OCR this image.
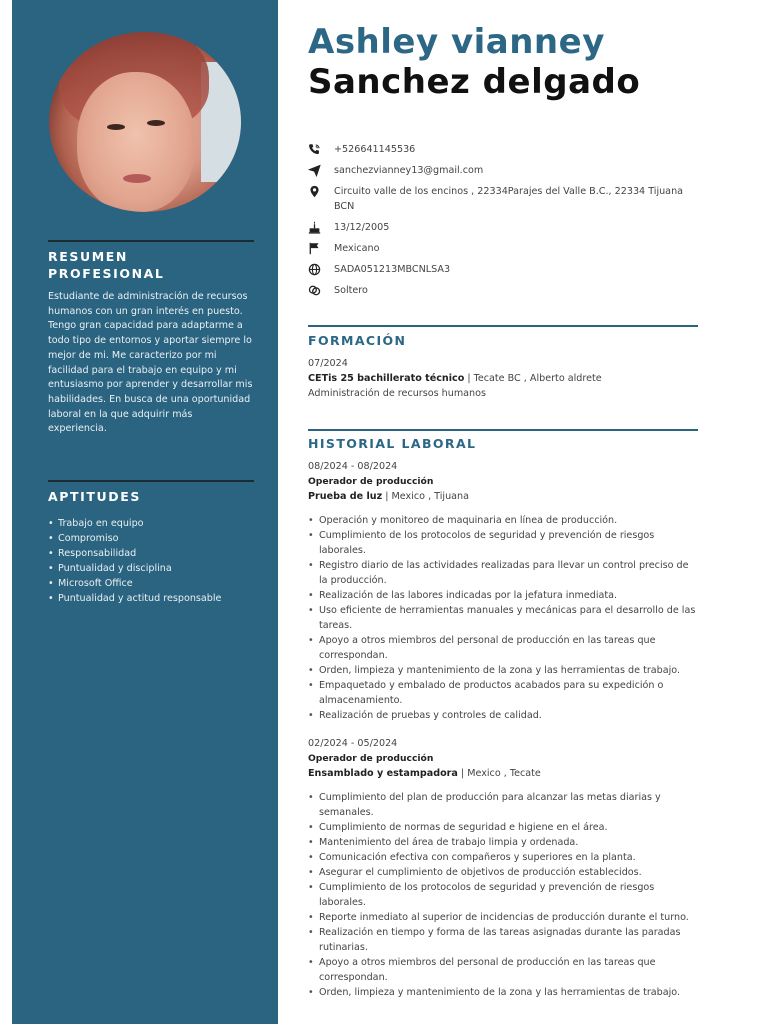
RESUMEN
PROFESIONAL

Estudiante de administración de recursos humanos con un gran interés en puesto. Tengo gran capacidad para adaptarme a todo tipo de entornos y aportar siempre lo mejor de mi. Me caracterizo por mi facilidad para el trabajo en equipo y mi entusiasmo por aprender y desarrollar mis habilidades. En busca de una oportunidad laboral en la que adquirir más experiencia.

APTITUDES
• Trabajo en equipo
• Compromiso
• Responsabilidad
• Puntualidad y disciplina
• Microsoft Office
• Puntualidad y actitud responsable
Ashley vianney
Sanchez delgado
+526641145536
sanchezvianney13@gmail.com
Circuito valle de los encinos , 22334Parajes del Valle B.C., 22334 Tijuana BCN
13/12/2005
Mexicano
SADA051213MBCNLSA3
Soltero
FORMACIÓN
07/2024
CETis 25 bachillerato técnico | Tecate BC , Alberto aldrete
Administración de recursos humanos
HISTORIAL LABORAL
08/2024 - 08/2024
Operador de producción
Prueba de luz | Mexico , Tijuana
• Operación y monitoreo de maquinaria en línea de producción.
• Cumplimiento de los protocolos de seguridad y prevención de riesgos laborales.
• Registro diario de las actividades realizadas para llevar un control preciso de la producción.
• Realización de las labores indicadas por la jefatura inmediata.
• Uso eficiente de herramientas manuales y mecánicas para el desarrollo de las tareas.
• Apoyo a otros miembros del personal de producción en las tareas que correspondan.
• Orden, limpieza y mantenimiento de la zona y las herramientas de trabajo.
• Empaquetado y embalado de productos acabados para su expedición o almacenamiento.
• Realización de pruebas y controles de calidad.
02/2024 - 05/2024
Operador de producción
Ensamblado y estampadora | Mexico , Tecate
• Cumplimiento del plan de producción para alcanzar las metas diarias y semanales.
• Cumplimiento de normas de seguridad e higiene en el área.
• Mantenimiento del área de trabajo limpia y ordenada.
• Comunicación efectiva con compañeros y superiores en la planta.
• Asegurar el cumplimiento de objetivos de producción establecidos.
• Cumplimiento de los protocolos de seguridad y prevención de riesgos laborales.
• Reporte inmediato al superior de incidencias de producción durante el turno.
• Realización en tiempo y forma de las tareas asignadas durante las paradas rutinarias.
• Apoyo a otros miembros del personal de producción en las tareas que correspondan.
• Orden, limpieza y mantenimiento de la zona y las herramientas de trabajo.
